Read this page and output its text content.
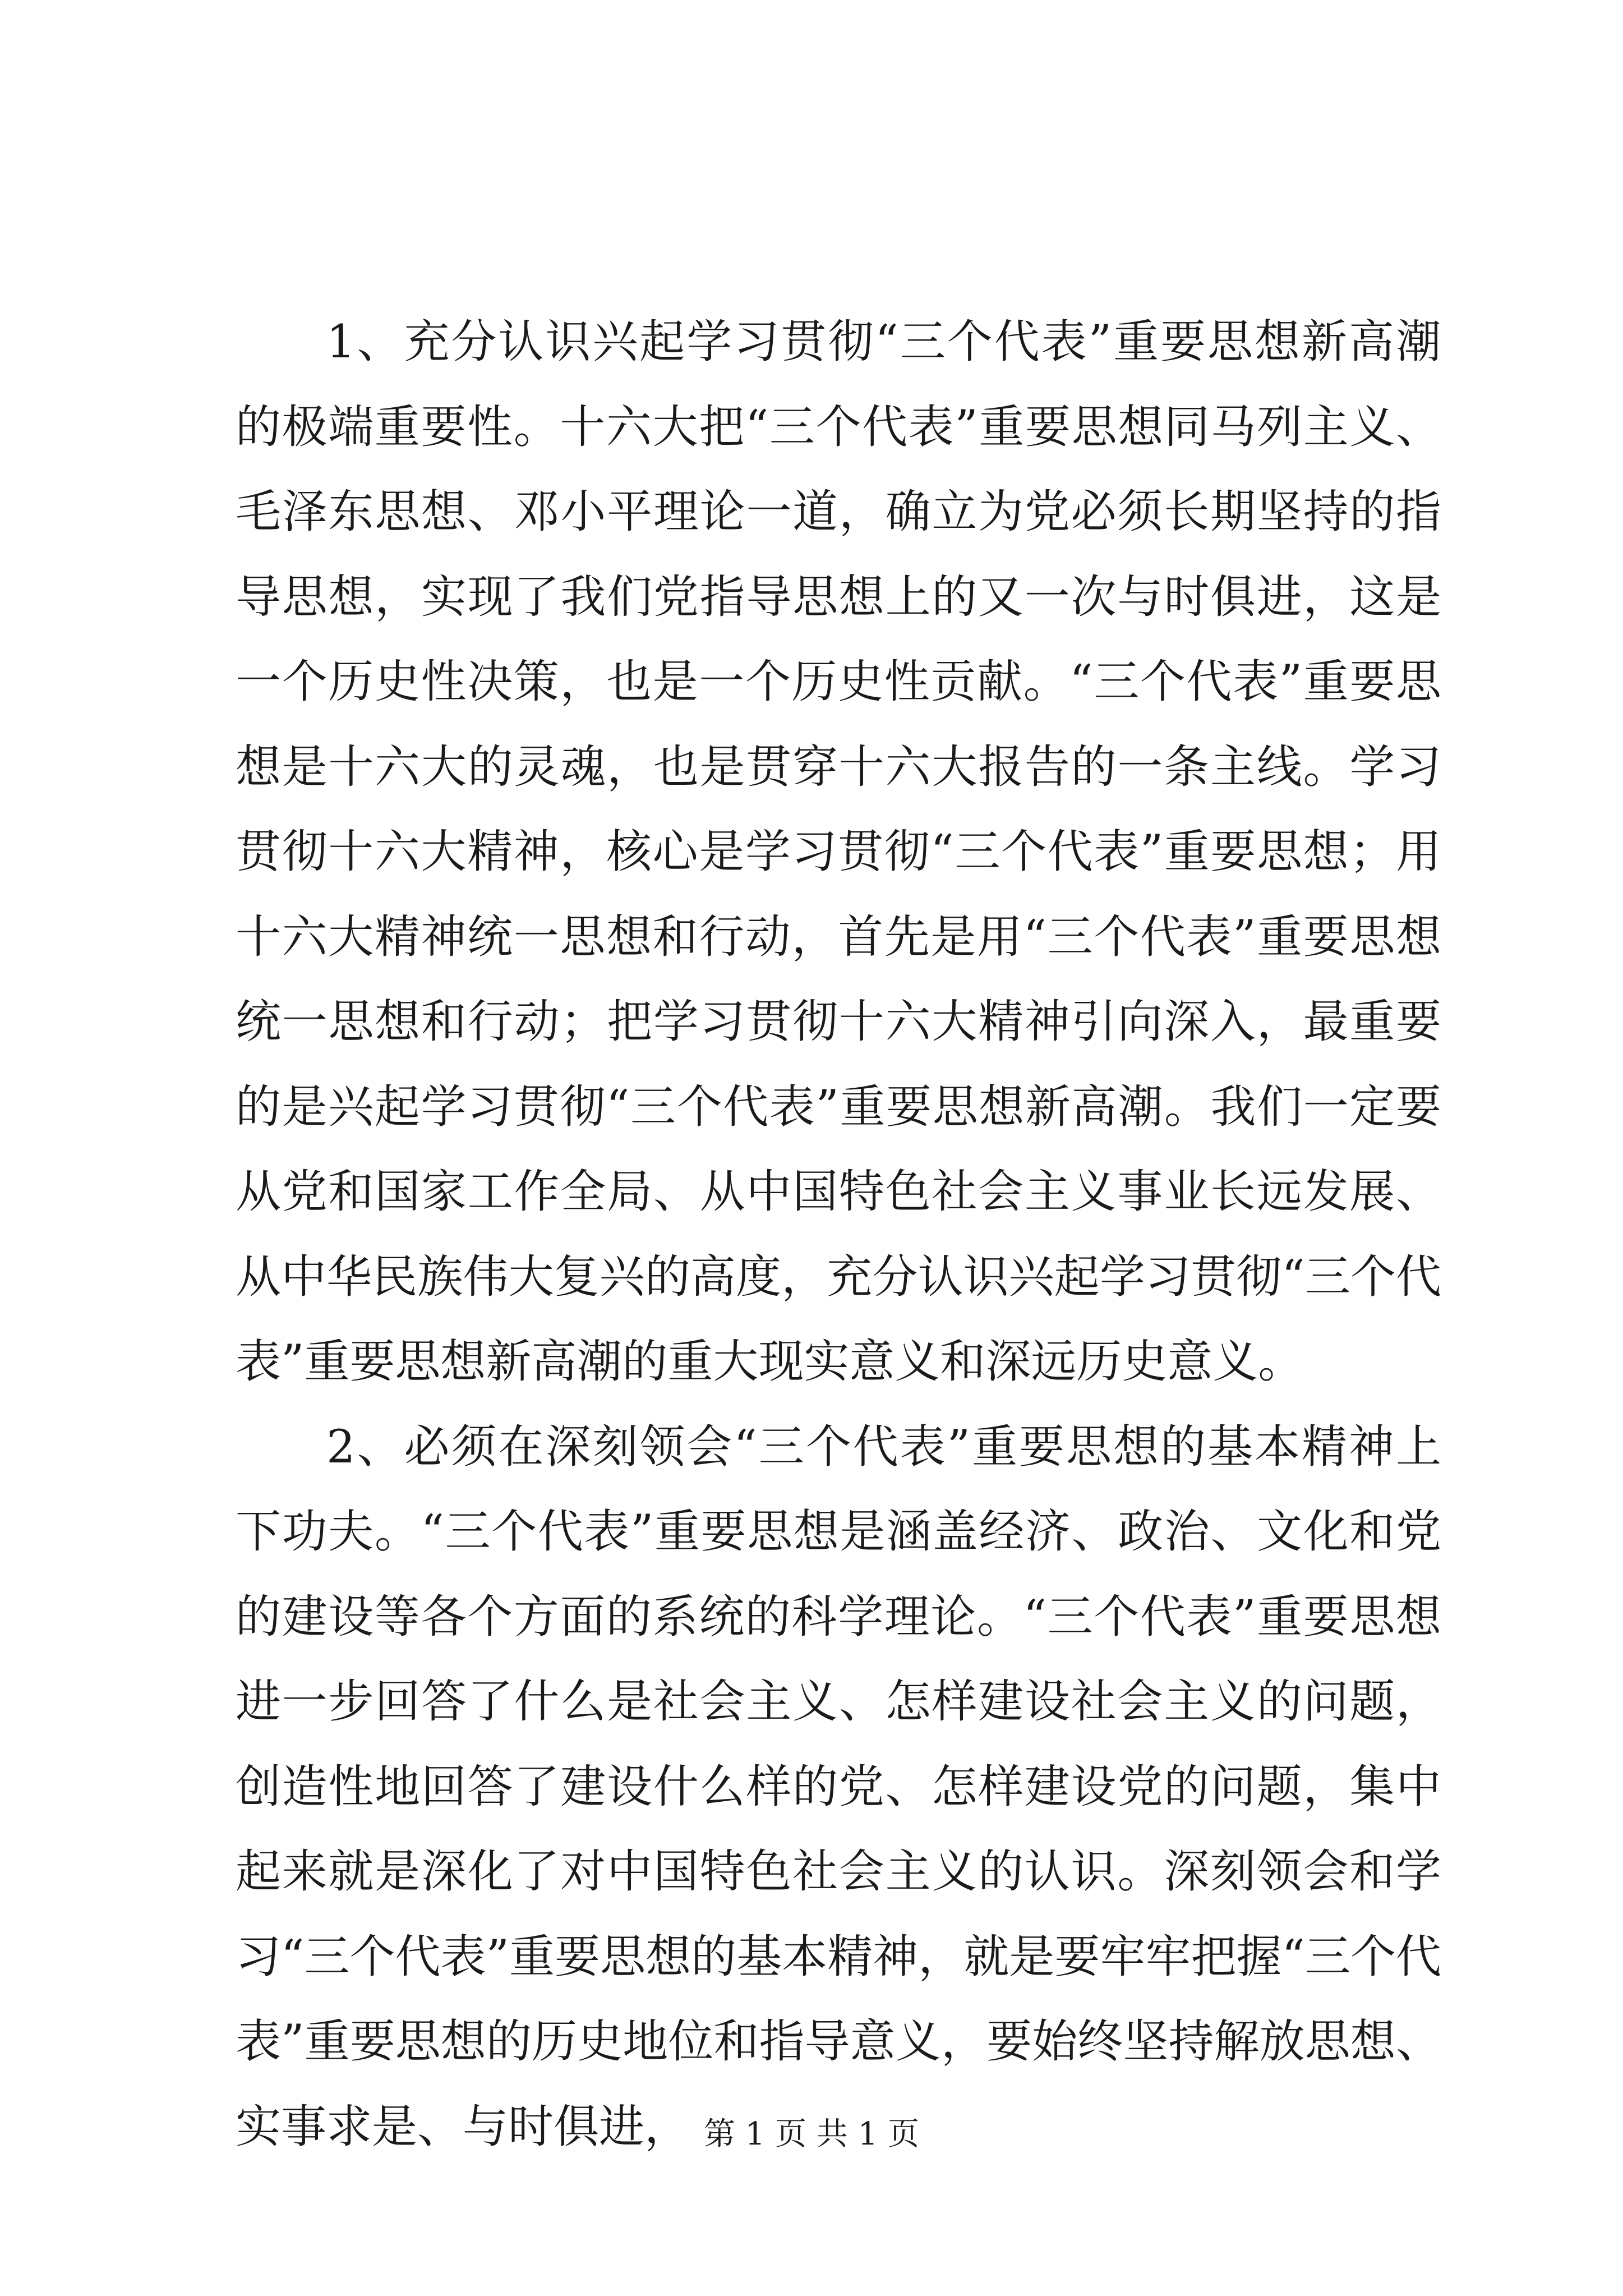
1、充分认识兴起学习贯彻“三个代表”重要思想新高潮的极端重要性。十六大把“三个代表”重要思想同马列主义、毛泽东思想、邓小平理论一道，确立为党必须长期坚持的指导思想，实现了我们党指导思想上的又一次与时俱进，这是一个历史性决策，也是一个历史性贡献。“三个代表”重要思想是十六大的灵魂，也是贯穿十六大报告的一条主线。学习贯彻十六大精神，核心是学习贯彻“三个代表”重要思想；用十六大精神统一思想和行动，首先是用“三个代表”重要思想统一思想和行动；把学习贯彻十六大精神引向深入，最重要的是兴起学习贯彻“三个代表”重要思想新高潮。我们一定要从党和国家工作全局、从中国特色社会主义事业长远发展、从中华民族伟大复兴的高度，充分认识兴起学习贯彻“三个代表”重要思想新高潮的重大现实意义和深远历史意义。

2、必须在深刻领会“三个代表”重要思想的基本精神上下功夫。“三个代表”重要思想是涵盖经济、政治、文化和党的建设等各个方面的系统的科学理论。“三个代表”重要思想进一步回答了什么是社会主义、怎样建设社会主义的问题，创造性地回答了建设什么样的党、怎样建设党的问题，集中起来就是深化了对中国特色社会主义的认识。深刻领会和学习“三个代表”重要思想的基本精神，就是要牢牢把握“三个代表”重要思想的历史地位和指导意义，要始终坚持解放思想、实事求是、与时俱进， 第 1 页 共 1 页
